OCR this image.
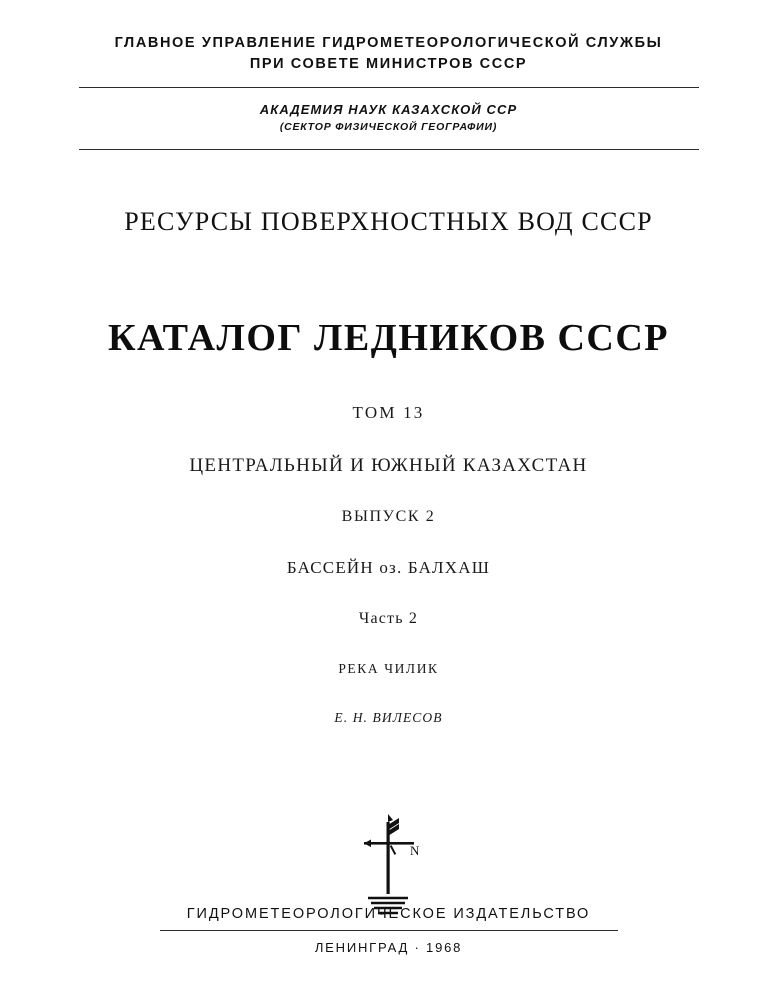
ГЛАВНОЕ УПРАВЛЕНИЕ ГИДРОМЕТЕОРОЛОГИЧЕСКОЙ СЛУЖБЫ
ПРИ СОВЕТЕ МИНИСТРОВ СССР
АКАДЕМИЯ НАУК КАЗАХСКОЙ ССР
(СЕКТОР ФИЗИЧЕСКОЙ ГЕОГРАФИИ)
РЕСУРСЫ ПОВЕРХНОСТНЫХ ВОД СССР
КАТАЛОГ ЛЕДНИКОВ СССР
ТОМ 13
ЦЕНТРАЛЬНЫЙ И ЮЖНЫЙ КАЗАХСТАН
ВЫПУСК 2
БАССЕЙН оз. БАЛХАШ
Часть 2
РЕКА ЧИЛИК
Е. Н. ВИЛЕСОВ
N
ГИДРОМЕТЕОРОЛОГИЧЕСКОЕ ИЗДАТЕЛЬСТВО
ЛЕНИНГРАД · 1968
